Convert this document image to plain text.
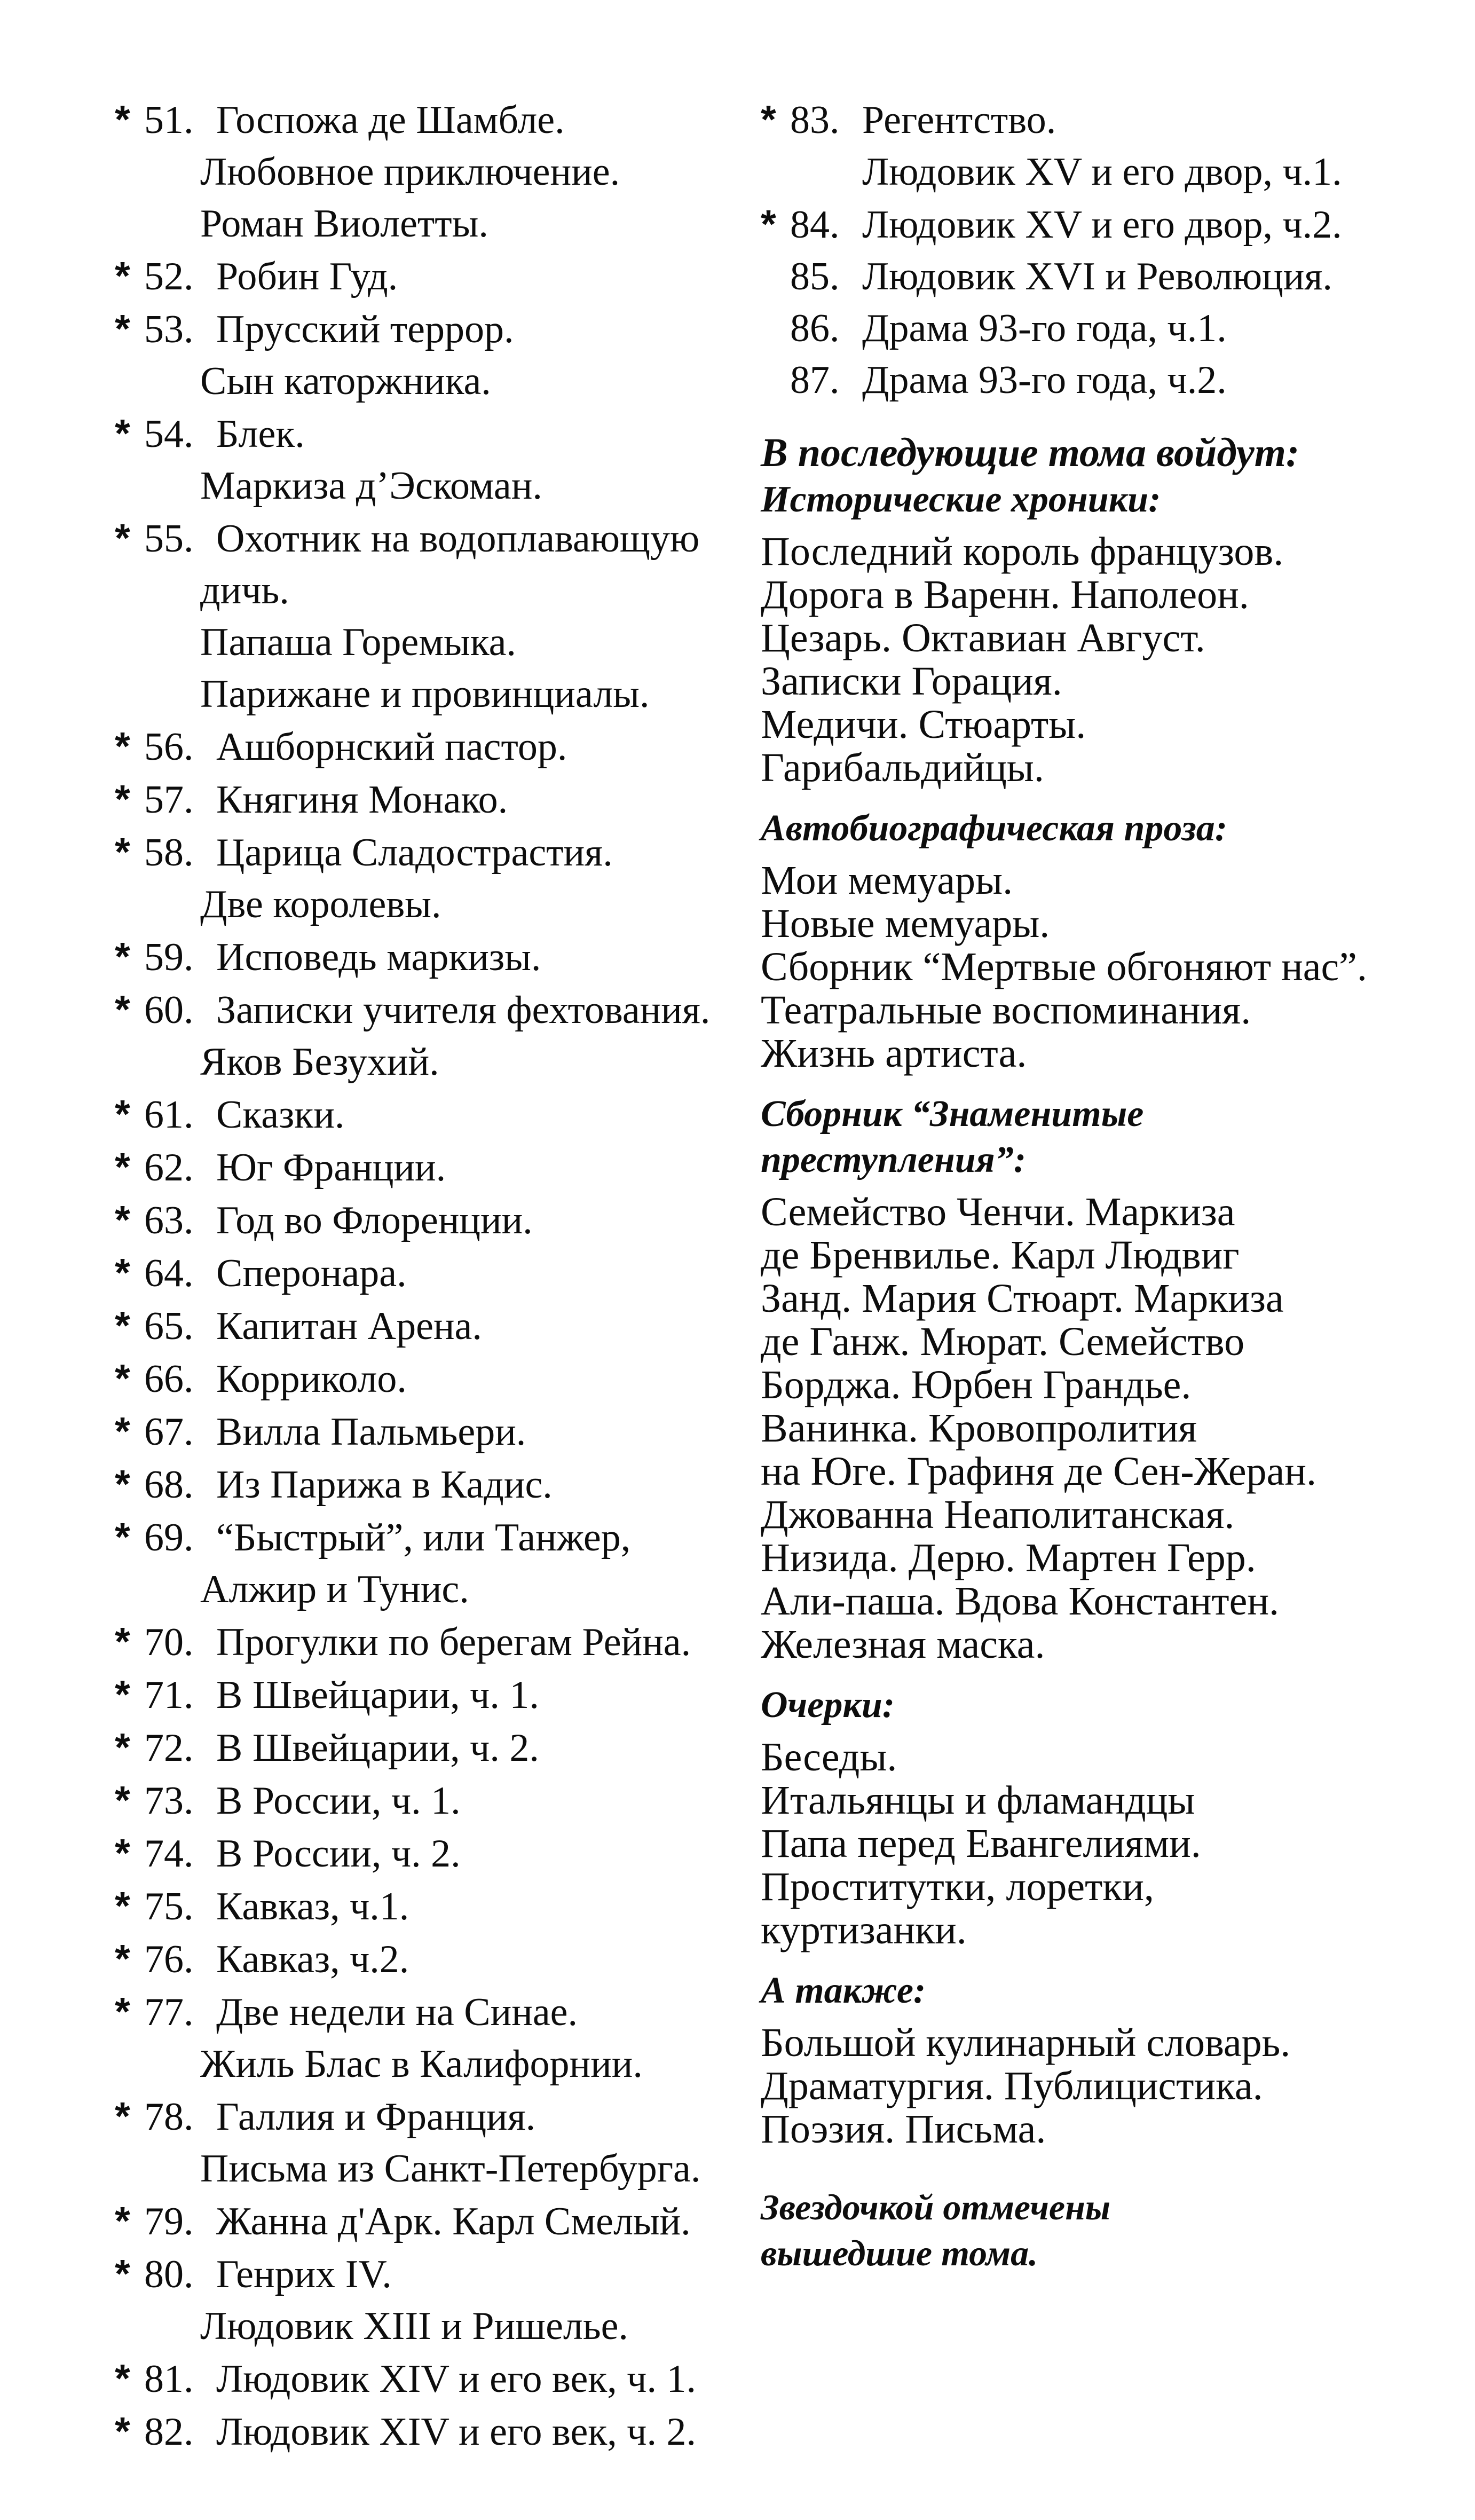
* 51. Госпожа де Шамбле.
Любовное приключение.
Роман Виолетты.
* 52. Робин Гуд.
* 53. Прусский террор.
Сын каторжника.
* 54. Блек.
Маркиза д’Эскоман.
* 55. Охотник на водоплавающую
дичь.
Папаша Горемыка.
Парижане и провинциалы.
* 56. Ашборнский пастор.
* 57. Княгиня Монако.
* 58. Царица Сладострастия.
Две королевы.
* 59. Исповедь маркизы.
* 60. Записки учителя фехтования.
Яков Безухий.
* 61. Сказки.
* 62. Юг Франции.
* 63. Год во Флоренции.
* 64. Сперонара.
* 65. Капитан Арена.
* 66. Корриколо.
* 67. Вилла Пальмьери.
* 68. Из Парижа в Кадис.
* 69. “Быстрый”, или Танжер,
Алжир и Тунис.
* 70. Прогулки по берегам Рейна.
* 71. В Швейцарии, ч. 1.
* 72. В Швейцарии, ч. 2.
* 73. В России, ч. 1.
* 74. В России, ч. 2.
* 75. Кавказ, ч.1.
* 76. Кавказ, ч.2.
* 77. Две недели на Синае.
Жиль Блас в Калифорнии.
* 78. Галлия и Франция.
Письма из Санкт-Петербурга.
* 79. Жанна д'Арк. Карл Смелый.
* 80. Генрих IV.
Людовик XIII и Ришелье.
* 81. Людовик XIV и его век, ч. 1.
* 82. Людовик XIV и его век, ч. 2.
* 83. Регентство.
Людовик XV и его двор, ч.1.
* 84. Людовик XV и его двор, ч.2.
85. Людовик XVI и Революция.
86. Драма 93-го года, ч.1.
87. Драма 93-го года, ч.2.
В последующие тома войдут:
Исторические хроники:
Последний король французов.
Дорога в Варенн. Наполеон.
Цезарь. Октавиан Август.
Записки Горация.
Медичи. Стюарты.
Гарибальдийцы.
Автобиографическая проза:
Мои мемуары.
Новые мемуары.
Сборник “Мертвые обгоняют нас”.
Театральные воспоминания.
Жизнь артиста.
Сборник “Знаменитые
преступления”:
Семейство Ченчи. Маркиза
де Бренвилье. Карл Людвиг
Занд. Мария Стюарт. Маркиза
де Ганж. Мюрат. Семейство
Борджа. Юрбен Грандье.
Ванинка. Кровопролития
на Юге. Графиня де Сен-Жеран.
Джованна Неаполитанская.
Низида. Дерю. Мартен Герр.
Али-паша. Вдова Константен.
Железная маска.
Очерки:
Беседы.
Итальянцы и фламандцы
Папа перед Евангелиями.
Проститутки, лоретки,
куртизанки.
А также:
Большой кулинарный словарь.
Драматургия. Публицистика.
Поэзия. Письма.
Звездочкой отмечены
вышедшие тома.
